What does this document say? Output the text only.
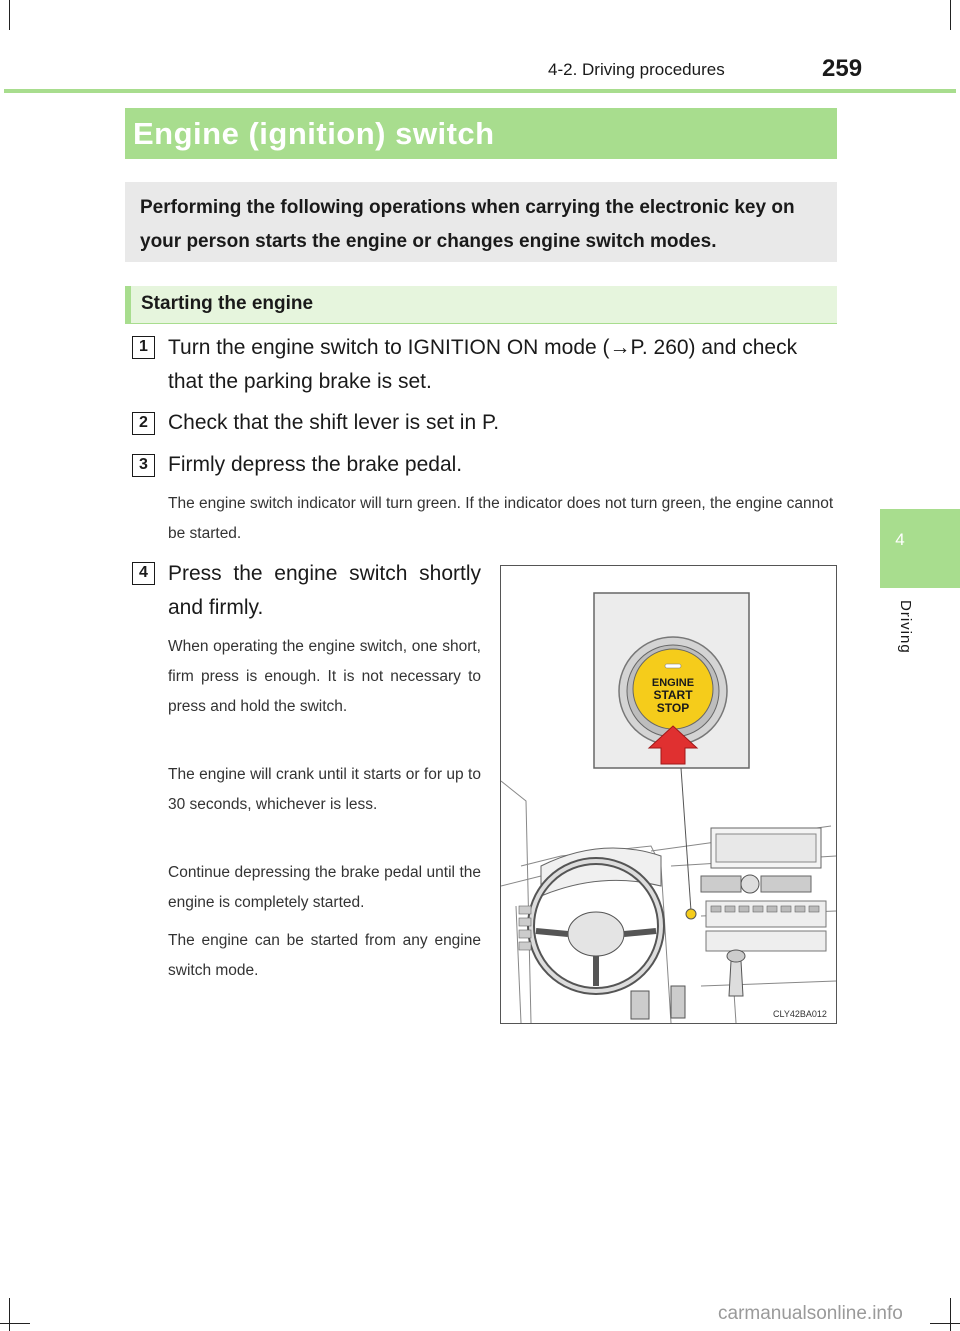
4-2. Driving procedures	259
Engine (ignition) switch
Performing the following operations when carrying the electronic key on your person starts the engine or changes engine switch modes.
Starting the engine
1 Turn the engine switch to IGNITION ON mode (→P. 260) and check that the parking brake is set.
2 Check that the shift lever is set in P.
3 Firmly depress the brake pedal.
The engine switch indicator will turn green. If the indicator does not turn green, the engine cannot be started.
4 Press the engine switch shortly and firmly.
When operating the engine switch, one short, firm press is enough. It is not necessary to press and hold the switch.
The engine will crank until it starts or for up to 30 seconds, whichever is less.
Continue depressing the brake pedal until the engine is completely started.
The engine can be started from any engine switch mode.
4
Driving
ENGINE
START
STOP
CLY42BA012
carmanualsonline.info
